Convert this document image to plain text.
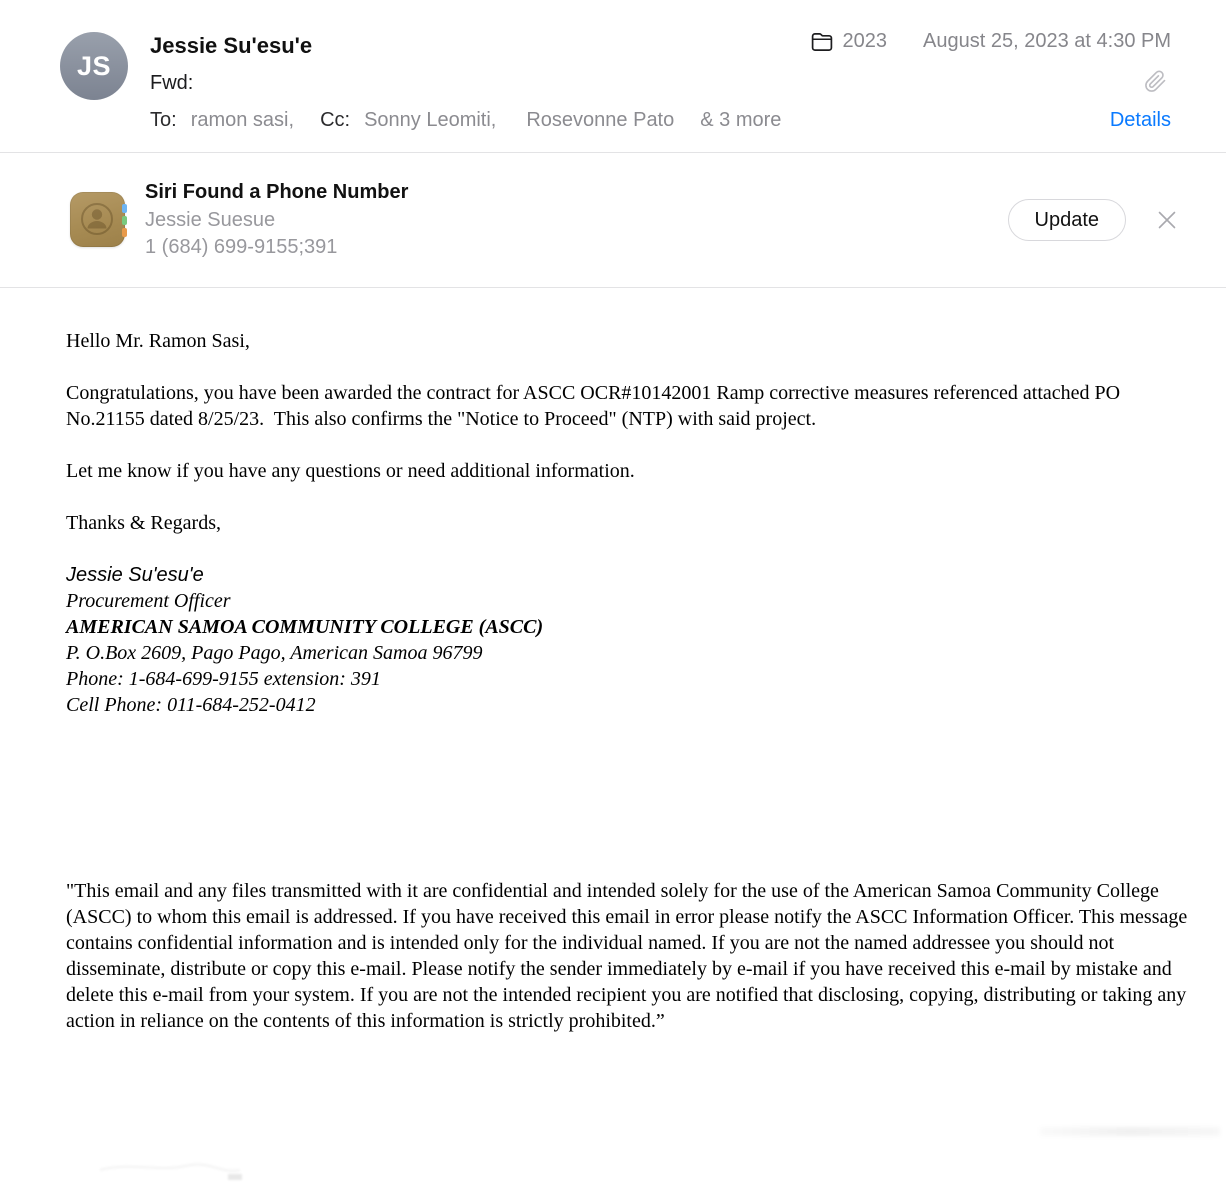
JS
Jessie Su'esu'e	2023 August 25, 2023 at 4:30 PM
Fwd:
To: ramon sasi, Cc: Sonny Leomiti, Rosevonne Pato & 3 more	Details
Siri Found a Phone Number
Jessie Suesue
1 (684) 699-9155;391
Update

Hello Mr. Ramon Sasi,

Congratulations, you have been awarded the contract for ASCC OCR#10142001 Ramp corrective measures referenced attached PO No.21155 dated 8/25/23.  This also confirms the "Notice to Proceed" (NTP) with said project.

Let me know if you have any questions or need additional information.

Thanks & Regards,

Jessie Su'esu'e
Procurement Officer
AMERICAN SAMOA COMMUNITY COLLEGE (ASCC)
P. O.Box 2609, Pago Pago, American Samoa 96799
Phone: 1-684-699-9155 extension: 391
Cell Phone: 011-684-252-0412

"This email and any files transmitted with it are confidential and intended solely for the use of the American Samoa Community College (ASCC) to whom this email is addressed. If you have received this email in error please notify the ASCC Information Officer. This message contains confidential information and is intended only for the individual named. If you are not the named addressee you should not disseminate, distribute or copy this e-mail. Please notify the sender immediately by e-mail if you have received this e-mail by mistake and delete this e-mail from your system. If you are not the intended recipient you are notified that disclosing, copying, distributing or taking any action in reliance on the contents of this information is strictly prohibited.”
